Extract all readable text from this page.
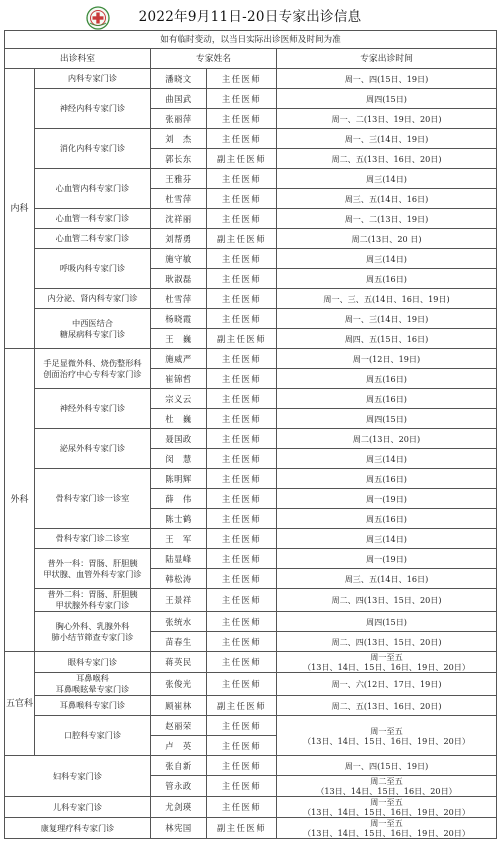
2022年9月11日-20日专家出诊信息
如有临时变动，以当日实际出诊医师及时间为准				
出诊科室		专家姓名		专家出诊时间
内科	内科专家门诊	潘晓文	主任医师	周一、四(15日、19日)
	神经内科专家门诊	曲国武	主任医师	周四(15日)
		张丽萍	主任医师	周一、二(13日、19日、20日)
	消化内科专家门诊	刘　杰	主任医师	周一、三(14日、19日)
		郭长东	副主任医师	周二、五(13日、16日、20日)
	心血管内科专家门诊	王雅芬	主任医师	周三(14日)
		杜雪萍	主任医师	周三、五(14日、16日)
	心血管一科专家门诊	沈祥丽	主任医师	周一、二(13日、19日)
	心血管二科专家门诊	刘帮勇	副主任医师	周二(13日、20 日)
	呼吸内科专家门诊	施守敏	主任医师	周三(14日)
		耿淑磊	主任医师	周五(16日)
	内分泌、肾内科专家门诊	杜雪萍	主任医师	周一、三、五(14日、16日、19日)

	中西医结合
糖尿病科专家门诊	杨晓霞	主任医师	周一、三(14日、19日)
		王　巍	副主任医师	周四、五(15日、16日)
外科	手足显微外科、烧伤整形科
创面治疗中心专科专家门诊	施威严	主任医师	周一(12日、19日)
		崔锦哲	主任医师	周五(16日)
	神经外科专家门诊	宗义云	主任医师	周五(16日)
		杜　巍	主任医师	周四(15日)
	泌尿外科专家门诊	聂国政	主任医师	周二(13日、20日)
		闵　慧	主任医师	周三(14日)
	骨科专家门诊一诊室	陈明辉	主任医师	周五(16日)
		薛　伟	主任医师	周一(19日)
		陈士鹤	主任医师	周五(16日)
	骨科专家门诊二诊室	王　军	主任医师	周三(14日)

	普外一科：胃肠、肝胆胰
甲状腺、血管外科专家门诊	陆显峰	主任医师	周一(19日)
		韩松涛	主任医师	周三、五(14日、16日)

	普外二科：胃肠、肝胆胰
甲状腺外科专家门诊	王景祥	主任医师	周二、四(13日、15日、20日)

	胸心外科、乳腺外科
肺小结节筛查专家门诊	张统水	主任医师	周四(15日)
		苗春生	主任医师	周二、四(13日、15日、20日)
五官科	眼科专家门诊	蒋英民	主任医师	周一至五
（13日、14日、15日、16日、19日、20日）

	耳鼻喉科
耳鼻喉眩晕专家门诊	张俊光	主任医师	周一、六(12日、17日、19日)
	耳鼻喉科专家门诊	顾崔林	副主任医师	周二、五(13日、16日、20日)
	口腔科专家门诊	赵丽荣	主任医师	周一至五
（13日、14日、15日、16日、19日、20日）

		卢　英	主任医师	
妇科专家门诊		张自新	主任医师	周一、四(15日、19日)
		管永政	主任医师	周二至五
（13日、14日、15日、16日、20日）

儿科专家门诊		尤剑瑛	主任医师	周一至五
（13日、14日、15日、16日、19日、20日）

康复理疗科专家门诊		林宪国	副主任医师	周一至五
（13日、14日、15日、16日、19日、20日）
